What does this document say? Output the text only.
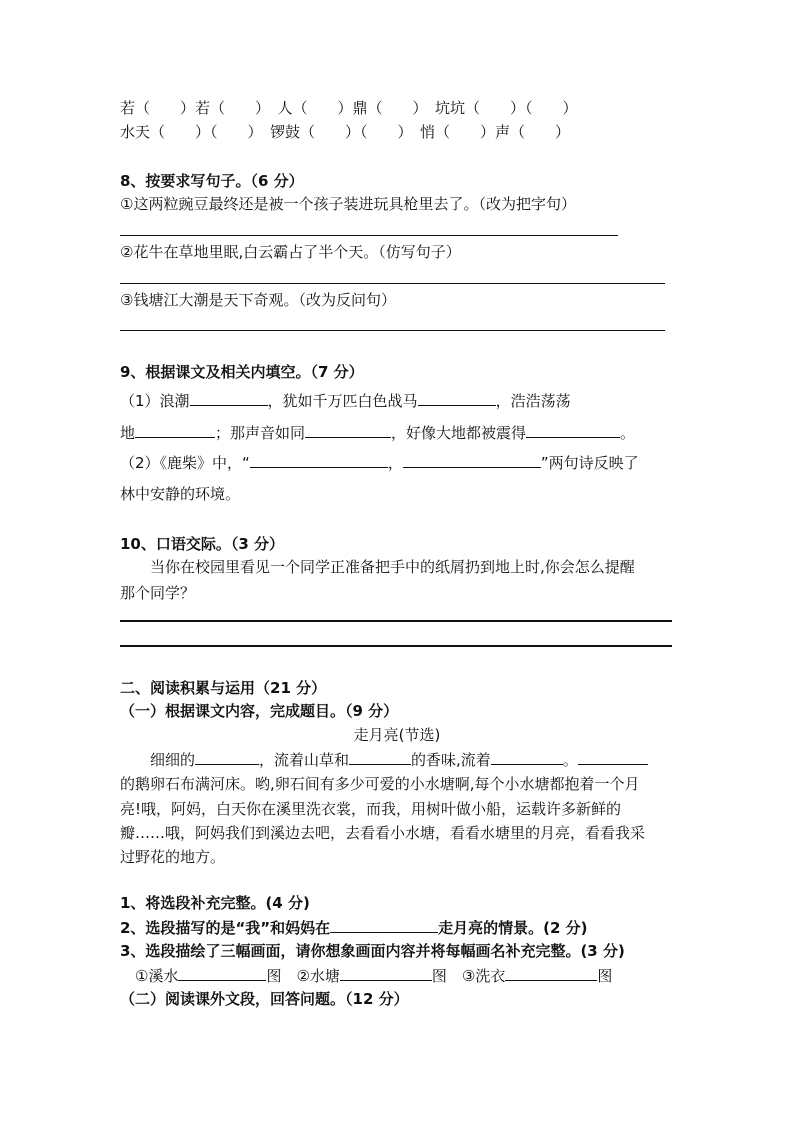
若（　　）若（　　）　人（　　）鼎（　　）　坑坑（　　）（　　）
水天（　　）（　　）　锣鼓（　　）（　　）　悄（　　）声（　　）
8、按要求写句子。（6 分）
①这两粒豌豆最终还是被一个孩子装进玩具枪里去了。（改为把字句）
②花牛在草地里眠,白云霸占了半个天。（仿写句子）
③钱塘江大潮是天下奇观。（改为反问句）
9、根据课文及相关内填空。（7 分）
（1）浪潮	，犹如千万匹白色战马	，浩浩荡荡
地	；那声音如同	，好像大地都被震得	。
（2）《鹿柴》中，“	，	”两句诗反映了
林中安静的环境。
10、口语交际。（3 分）
　　当你在校园里看见一个同学正准备把手中的纸屑扔到地上时,你会怎么提醒
那个同学？
二、阅读积累与运用（21 分）
（一）根据课文内容，完成题目。（9 分）
走月亮(节选)
　　细细的	，流着山草和	的香味,流着	。
的鹅卵石布满河床。哟,卵石间有多少可爱的小水塘啊,每个小水塘都抱着一个月
亮!哦，阿妈，白天你在溪里洗衣裳，而我，用树叶做小船，运载许多新鲜的
瓣……哦，阿妈我们到溪边去吧，去看看小水塘，看看水塘里的月亮，看看我采
过野花的地方。
1、将选段补充完整。(4 分)
2、选段描写的是“我”和妈妈在	走月亮的情景。(2 分)
3、选段描绘了三幅画面，请你想象画面内容并将每幅画名补充完整。(3 分)
　①溪水	图　②水塘	图　③洗衣	图
（二）阅读课外文段，回答问题。（12 分）
